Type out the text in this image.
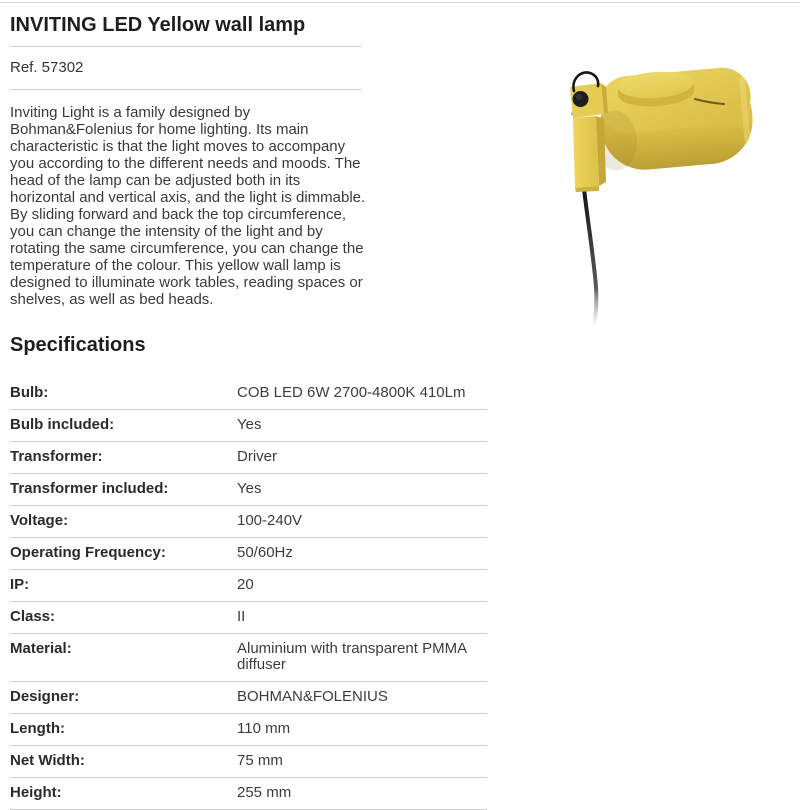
INVITING LED Yellow wall lamp
Ref. 57302

Inviting Light is a family designed by Bohman&Folenius for home lighting. Its main characteristic is that the light moves to accompany you according to the different needs and moods. The head of the lamp can be adjusted both in its horizontal and vertical axis, and the light is dimmable. By sliding forward and back the top circumference, you can change the intensity of the light and by rotating the same circumference, you can change the temperature of the colour. This yellow wall lamp is designed to illuminate work tables, reading spaces or shelves, as well as bed heads.

Specifications
Bulb:	COB LED 6W 2700-4800K 410Lm
Bulb included:	Yes
Transformer:	Driver
Transformer included:	Yes
Voltage:	100-240V
Operating Frequency:	50/60Hz
IP:	20
Class:	II
Material:	Aluminium with transparent PMMA diffuser
Designer:	BOHMAN&FOLENIUS
Length:	110 mm
Net Width:	75 mm
Height:	255 mm
